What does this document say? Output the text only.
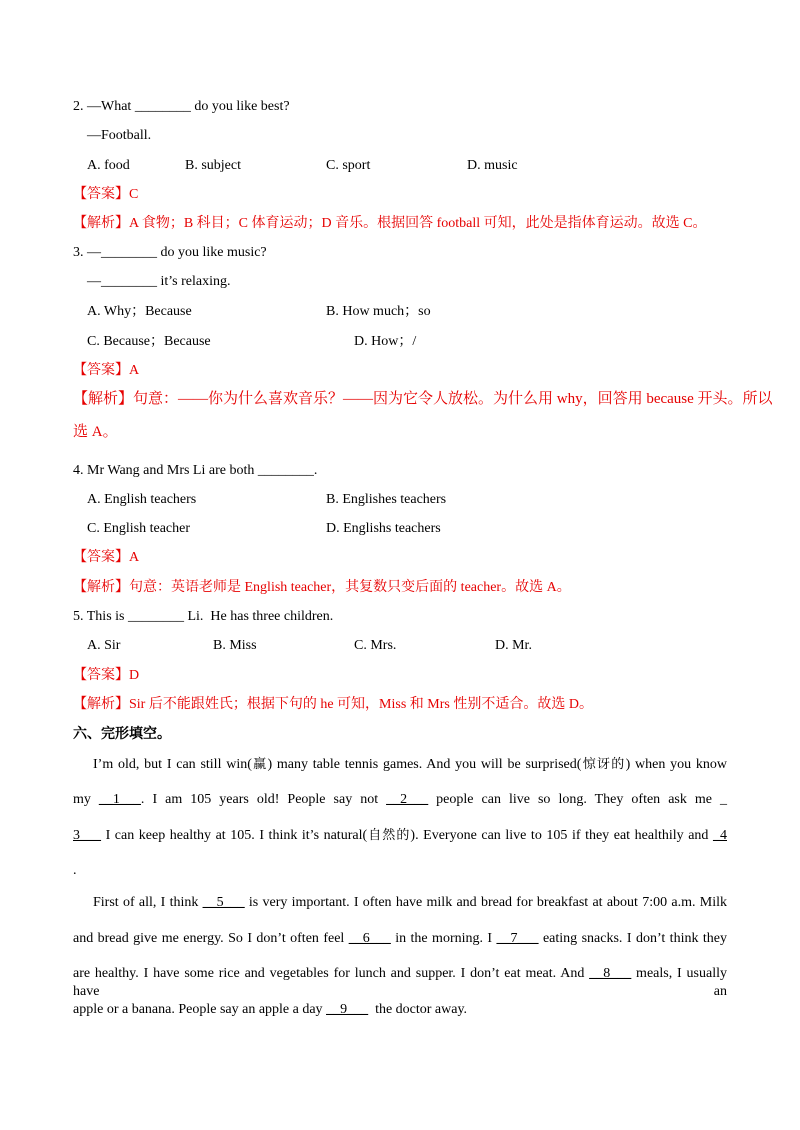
2. —What ________ do you like best?
—Football.
A. food	B. subject	C. sport	D. music
【答案】C
【解析】A 食物；B 科目；C 体育运动；D 音乐。根据回答 football 可知，此处是指体育运动。故选 C。
3. —________ do you like music?
—________ it’s relaxing.
A. Why；Because	B. How much；so
C. Because；Because	D. How；/
【答案】A
【解析】句意：——你为什么喜欢音乐？——因为它令人放松。为什么用 why，回答用 because 开头。所以
选 A。
4. Mr Wang and Mrs Li are both ________.
A. English teachers	B. Englishes teachers
C. English teacher	D. Englishs teachers
【答案】A
【解析】句意：英语老师是 English teacher，其复数只变后面的 teacher。故选 A。
5. This is ________ Li.  He has three children.
A. Sir	B. Miss	C. Mrs.	D. Mr.
【答案】D
【解析】Sir 后不能跟姓氏；根据下句的 he 可知，Miss 和 Mrs 性别不适合。故选 D。
六、完形填空。
I’m old, but I can still win(赢) many table tennis games. And you will be surprised(惊讶的) when you know
my __1___. I am 105 years old! People say not __2___ people can live so long. They often ask me _
3___ I can keep healthy at 105. I think it’s natural(自然的). Everyone can live to 105 if they eat healthily and _4
.
First of all, I think __5___ is very important. I often have milk and bread for breakfast at about 7:00 a.m. Milk
and bread give me energy. So I don’t often feel __6___ in the morning. I __7___ eating snacks. I don’t think they
are healthy. I have some rice and vegetables for lunch and supper. I don’t eat meat. And __8___ meals, I usually have an
apple or a banana. People say an apple a day __9___  the doctor away.
